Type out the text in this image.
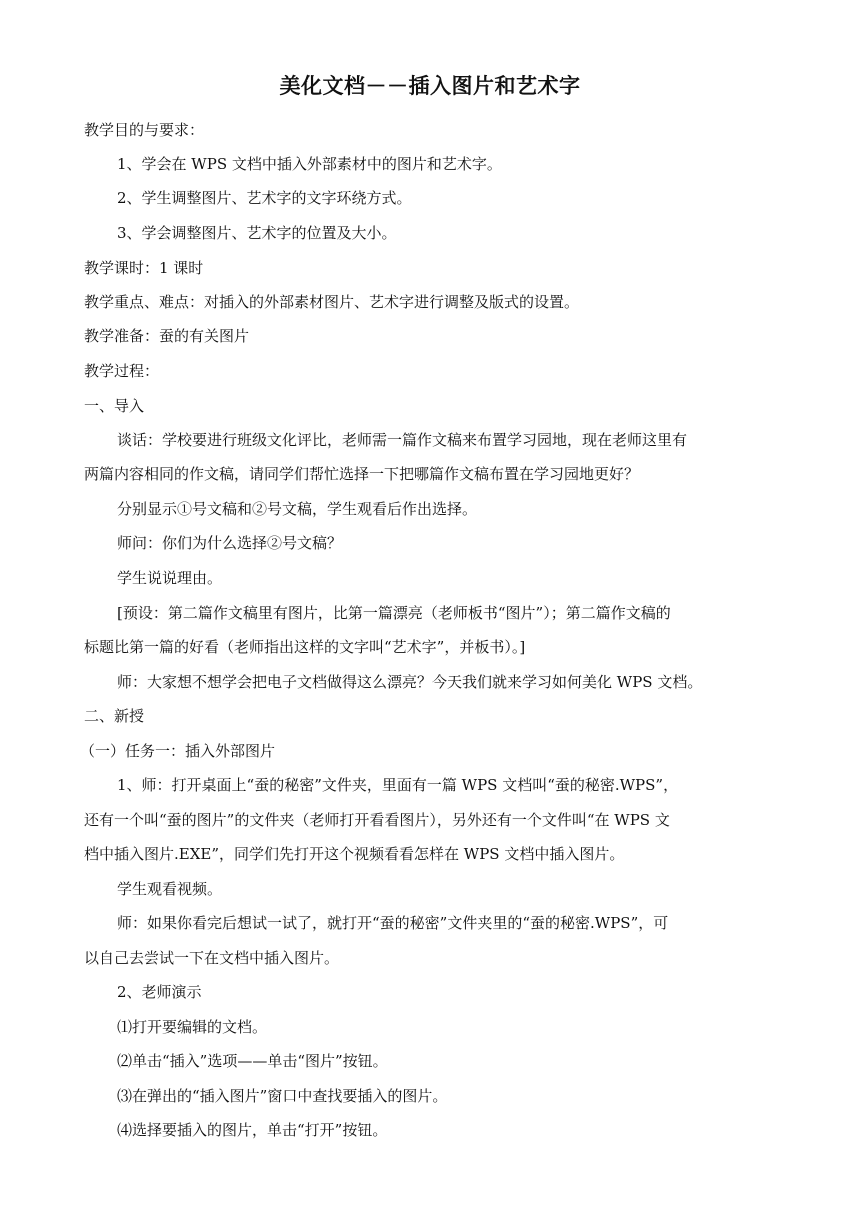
美化文档－－插入图片和艺术字
教学目的与要求：
1、学会在 WPS 文档中插入外部素材中的图片和艺术字。
2、学生调整图片、艺术字的文字环绕方式。
3、学会调整图片、艺术字的位置及大小。
教学课时：1 课时
教学重点、难点：对插入的外部素材图片、艺术字进行调整及版式的设置。
教学准备：蚕的有关图片
教学过程：
一、导入
谈话：学校要进行班级文化评比，老师需一篇作文稿来布置学习园地，现在老师这里有
两篇内容相同的作文稿，请同学们帮忙选择一下把哪篇作文稿布置在学习园地更好？
分别显示①号文稿和②号文稿，学生观看后作出选择。
师问：你们为什么选择②号文稿？
学生说说理由。
[预设：第二篇作文稿里有图片，比第一篇漂亮（老师板书“图片”）；第二篇作文稿的
标题比第一篇的好看（老师指出这样的文字叫“艺术字”，并板书）。]
师：大家想不想学会把电子文档做得这么漂亮？今天我们就来学习如何美化 WPS 文档。
二、新授
（一）任务一：插入外部图片
1、师：打开桌面上“蚕的秘密”文件夹，里面有一篇 WPS 文档叫“蚕的秘密.WPS”，
还有一个叫“蚕的图片”的文件夹（老师打开看看图片），另外还有一个文件叫“在 WPS 文
档中插入图片.EXE”，同学们先打开这个视频看看怎样在 WPS 文档中插入图片。
学生观看视频。
师：如果你看完后想试一试了，就打开“蚕的秘密”文件夹里的“蚕的秘密.WPS”，可
以自己去尝试一下在文档中插入图片。
2、老师演示
⑴打开要编辑的文档。
⑵单击“插入”选项——单击“图片”按钮。
⑶在弹出的“插入图片”窗口中查找要插入的图片。
⑷选择要插入的图片，单击“打开”按钮。
